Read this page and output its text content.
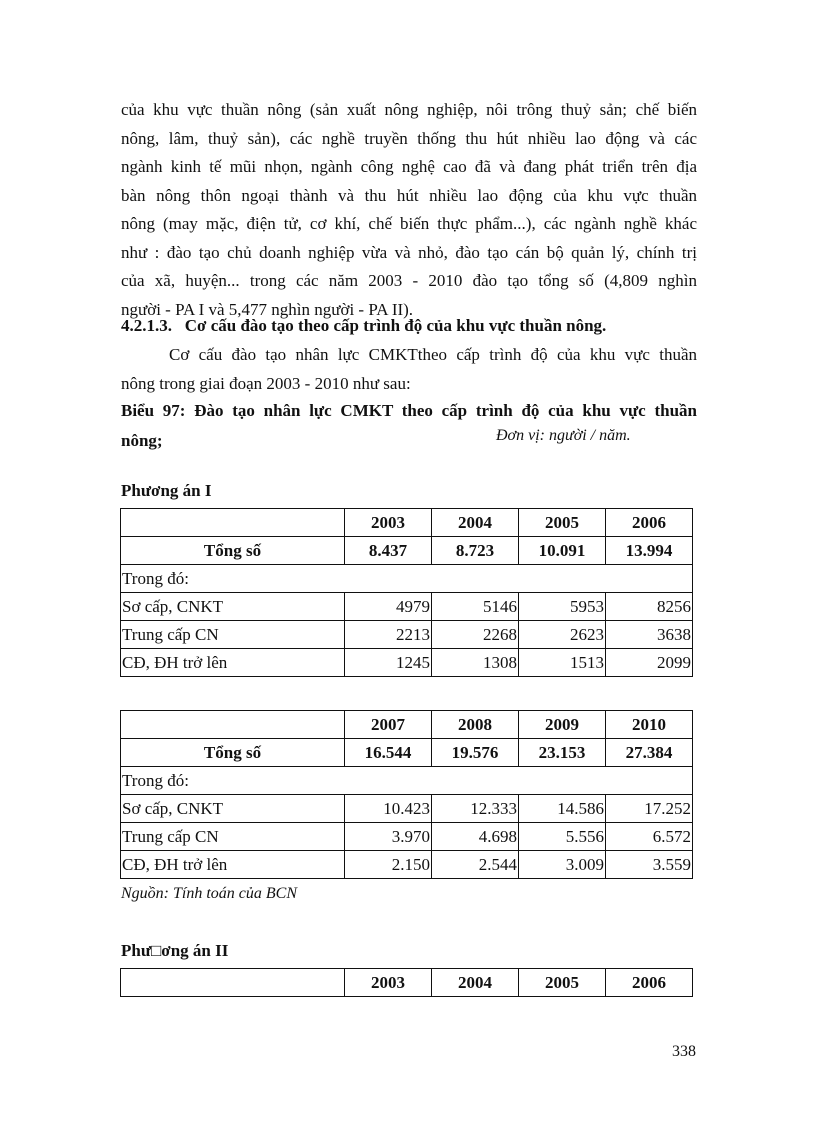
của khu vực thuần nông (sản xuất nông nghiệp, nôi trông thuỷ sản; chế biến
nông, lâm, thuỷ sản), các nghề truyền thống thu hút nhiều lao động và các
ngành kinh tế mũi nhọn, ngành công nghệ cao đã và đang phát triển trên địa
bàn nông thôn ngoại thành và thu hút nhiều lao động của khu vực thuần
nông (may mặc, điện tử, cơ khí, chế biến thực phẩm...), các ngành nghề khác
như : đào tạo chủ doanh nghiệp vừa và nhỏ, đào tạo cán bộ quản lý, chính trị
của xã, huyện... trong các năm 2003 - 2010 đào tạo tổng số (4,809 nghìn
người - PA I và 5,477 nghìn người - PA II).

4.2.1.3.   Cơ cấu đào tạo theo cấp trình độ của khu vực thuần nông.

Cơ cấu đào tạo nhân lực CMKTtheo cấp trình độ của khu vực thuần
nông trong giai đoạn 2003 - 2010 như sau:
Biểu 97: Đào tạo nhân lực CMKT theo cấp trình độ của khu vực thuần
nông;	Đơn vị: người / năm.

Phương án I

	2003	2004	2005	2006
Tổng số	8.437	8.723	10.091	13.994
Trong đó:				
Sơ cấp, CNKT	4979	5146	5953	8256
Trung cấp CN	2213	2268	2623	3638
CĐ, ĐH trở lên	1245	1308	1513	2099
	2007	2008	2009	2010
Tổng số	16.544	19.576	23.153	27.384
Trong đó:				
Sơ cấp, CNKT	10.423	12.333	14.586	17.252
Trung cấp CN	3.970	4.698	5.556	6.572
CĐ, ĐH trở lên	2.150	2.544	3.009	3.559

Nguồn: Tính toán của BCN

Phư□ơng án II

	2003	2004	2005	2006
338
